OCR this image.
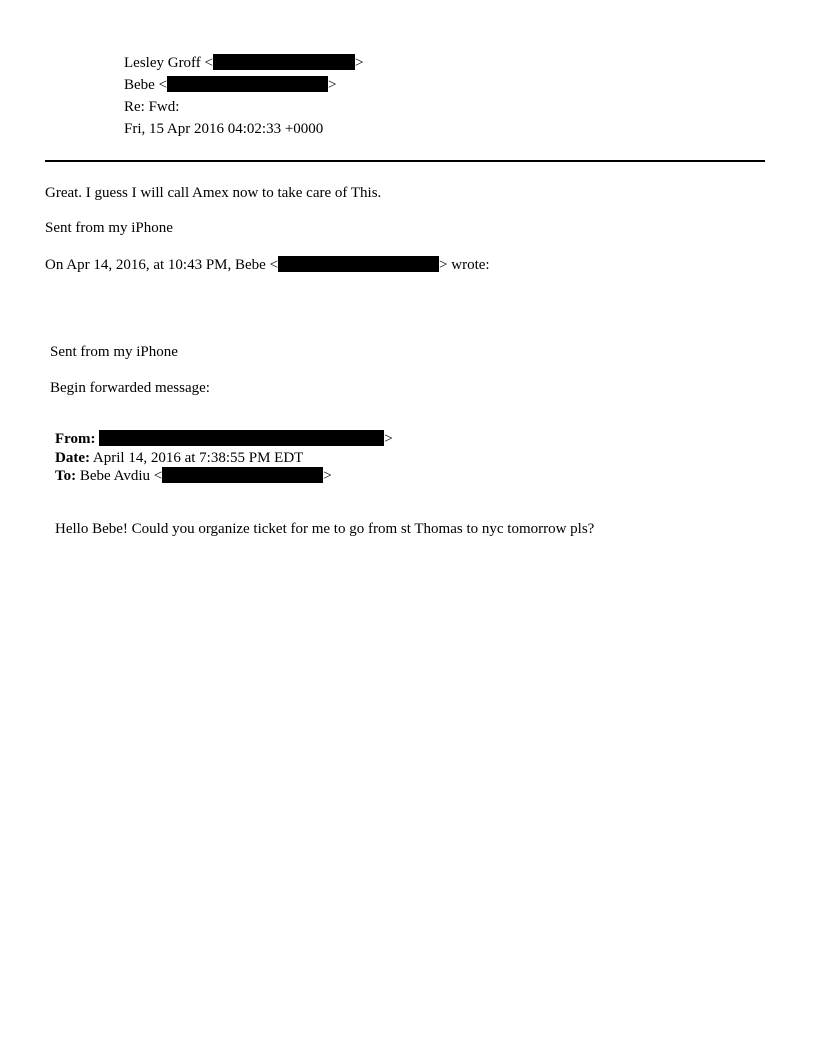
Lesley Groff <	>
Bebe <	>
Re: Fwd:
Fri, 15 Apr 2016 04:02:33 +0000
Great. I guess I will call Amex now to take care of This.
Sent from my iPhone
On Apr 14, 2016, at 10:43 PM, Bebe <	> wrote:
Sent from my iPhone
Begin forwarded message:
From:	>
Date: April 14, 2016 at 7:38:55 PM EDT
To: Bebe Avdiu <	>
Hello Bebe! Could you organize ticket for me to go from st Thomas to nyc tomorrow pls?
